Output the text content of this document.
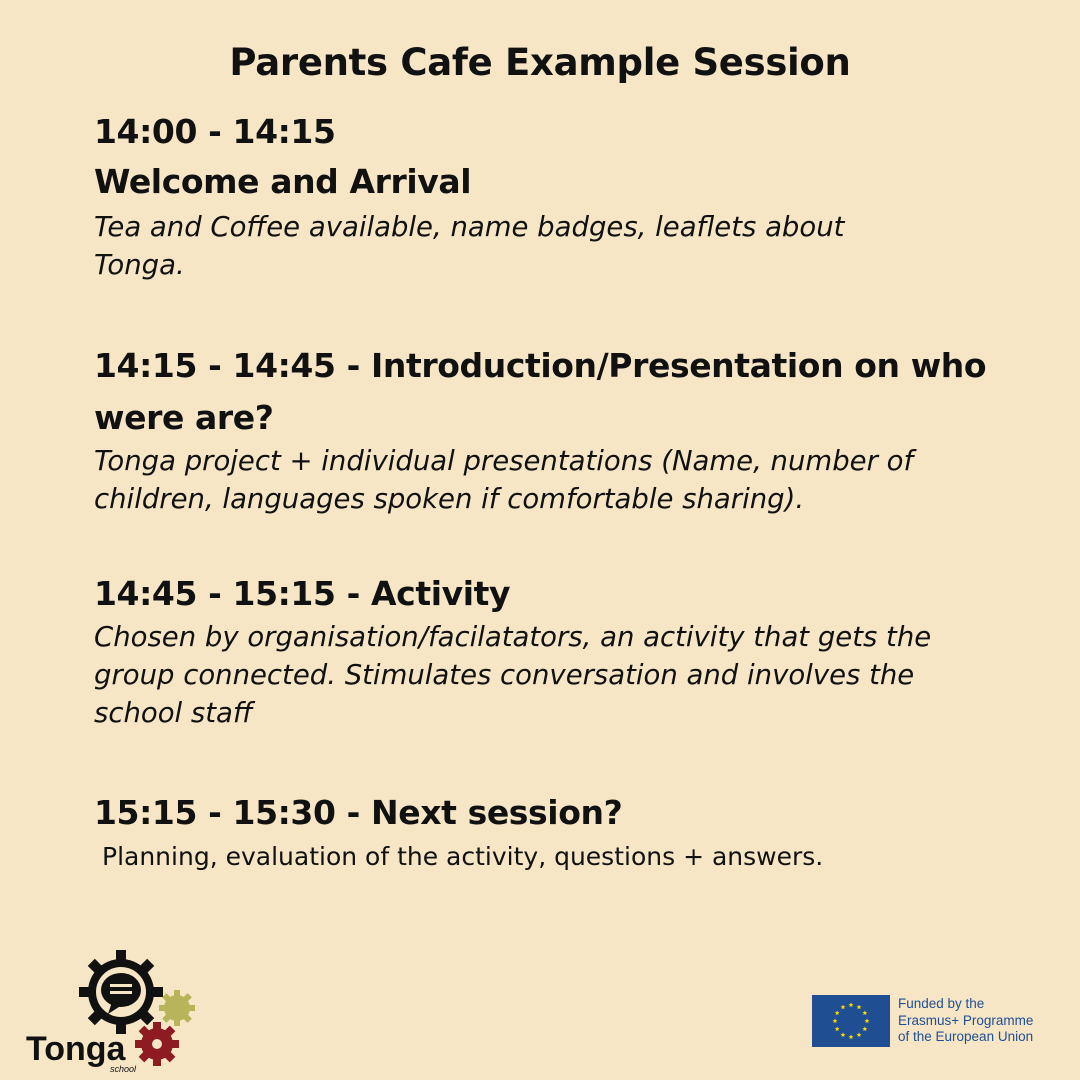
Parents Cafe Example Session
14:00 - 14:15
Welcome and Arrival
Tea and Coffee available, name badges, leaflets about Tonga.
14:15 - 14:45 - Introduction/Presentation on who were are?
Tonga project + individual presentations (Name, number of children, languages spoken if comfortable sharing).
14:45 - 15:15 - Activity
Chosen by organisation/facilatators, an activity that gets the group connected. Stimulates conversation and involves the school staff
15:15 - 15:30 - Next session?
Planning, evaluation of the activity, questions + answers.
Tonga
school
Funded by the
Erasmus+ Programme
of the European Union
